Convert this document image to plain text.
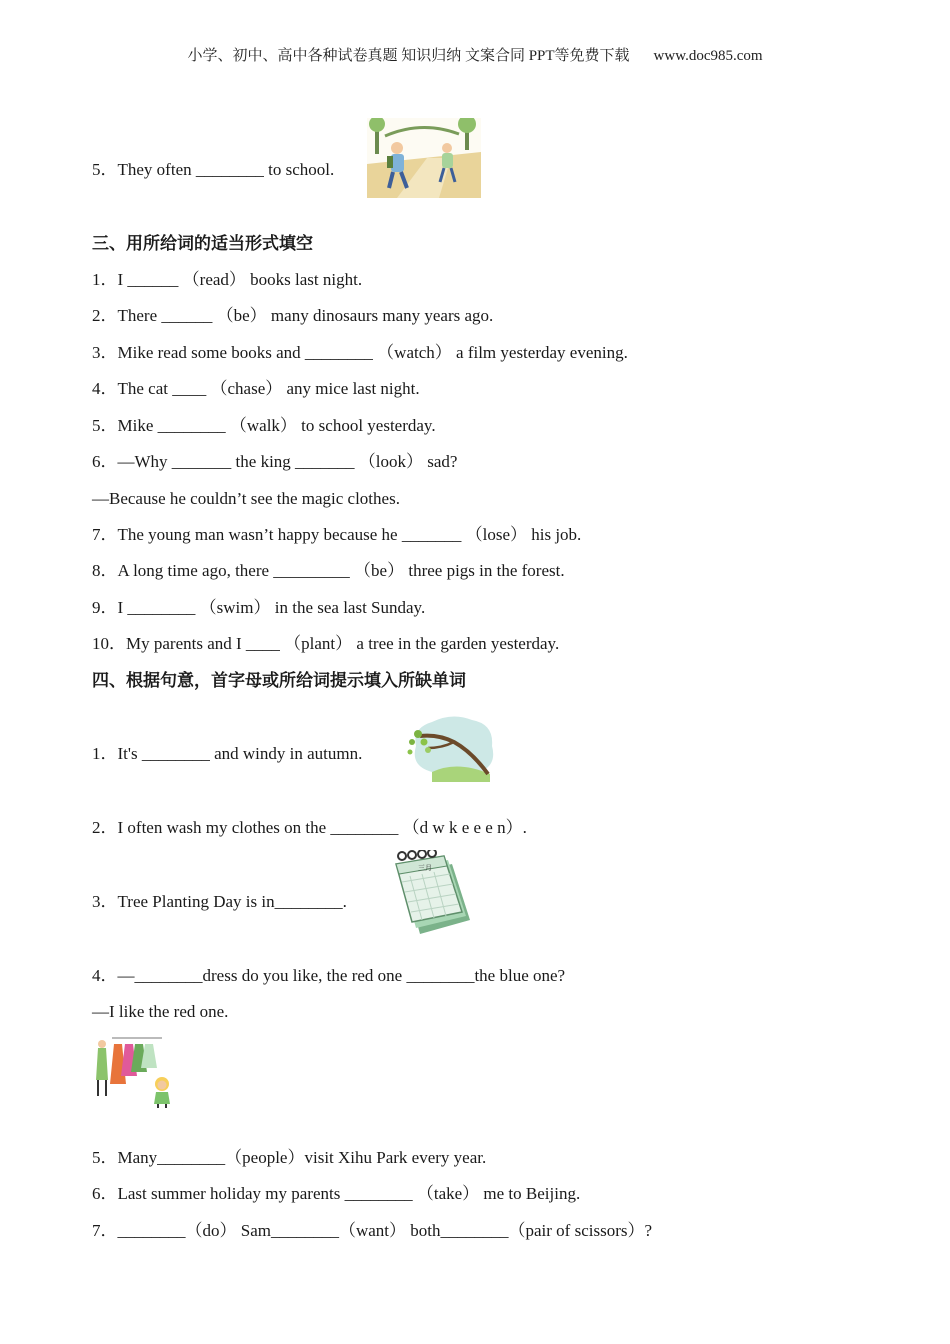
小学、初中、高中各种试卷真题 知识归纳 文案合同 PPT等免费下载 www.doc985.com
5．They often ________ to school.
三、用所给词的适当形式填空
1．I ______ （read） books last night.
2．There ______ （be） many dinosaurs many years ago.
3．Mike read some books and ________ （watch） a film yesterday evening.
4．The cat ____ （chase） any mice last night.
5．Mike ________ （walk） to school yesterday.
6．—Why _______ the king _______ （look） sad?
—Because he couldn’t see the magic clothes.
7．The young man wasn’t happy because he _______ （lose） his job.
8．A long time ago, there _________ （be） three pigs in the forest.
9．I ________ （swim） in the sea last Sunday.
10．My parents and I ____ （plant） a tree in the garden yesterday.
四、根据句意，首字母或所给词提示填入所缺单词
1．It's ________ and windy in autumn.
2．I often wash my clothes on the ________ （d w k e e e n）.
3．Tree Planting Day is in________.
三月
4．—________dress do you like, the red one ________the blue one?
—I like the red one.
5．Many________（people）visit Xihu Park every year.
6．Last summer holiday my parents ________ （take） me to Beijing.
7．________（do） Sam________（want） both________（pair of scissors）?
